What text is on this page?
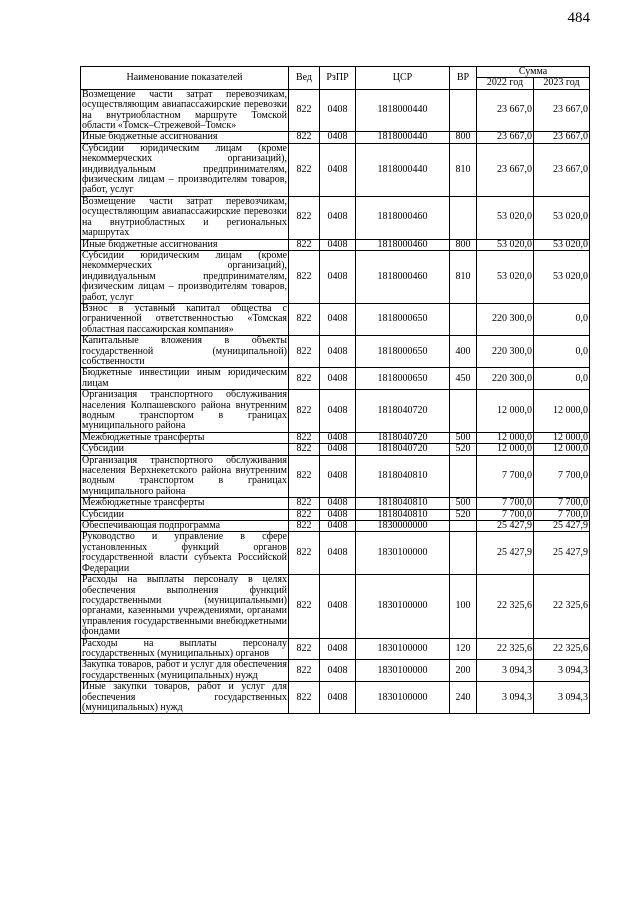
484
Наименование показателей	Вед	РзПР	ЦСР	ВР	Сумма	
					2022 год	2023 год
Возмещение части затрат перевозчикам, осуществляющим авиапассажирские перевозки на внутриобластном маршруте Томской области «Томск–Стрежевой–Томск»	822	0408	1818000440		23 667,0	23 667,0
Иные бюджетные ассигнования	822	0408	1818000440	800	23 667,0	23 667,0
Субсидии юридическим лицам (кроме некоммерческих организаций), индивидуальным предпринимателям, физическим лицам – производителям товаров, работ, услуг	822	0408	1818000440	810	23 667,0	23 667,0
Возмещение части затрат перевозчикам, осуществляющим авиапассажирские перевозки на внутриобластных и региональных маршрутах	822	0408	1818000460		53 020,0	53 020,0
Иные бюджетные ассигнования	822	0408	1818000460	800	53 020,0	53 020,0
Субсидии юридическим лицам (кроме некоммерческих организаций), индивидуальным предпринимателям, физическим лицам – производителям товаров, работ, услуг	822	0408	1818000460	810	53 020,0	53 020,0
Взнос в уставный капитал общества с ограниченной ответственностью «Томская областная пассажирская компания»	822	0408	1818000650		220 300,0	0,0
Капитальные вложения в объекты государственной (муниципальной) собственности	822	0408	1818000650	400	220 300,0	0,0
Бюджетные инвестиции иным юридическим лицам	822	0408	1818000650	450	220 300,0	0,0
Организация транспортного обслуживания населения Колпашевского района внутренним водным транспортом в границах муниципального района	822	0408	1818040720		12 000,0	12 000,0
Межбюджетные трансферты	822	0408	1818040720	500	12 000,0	12 000,0
Субсидии	822	0408	1818040720	520	12 000,0	12 000,0
Организация транспортного обслуживания населения Верхнекетского района внутренним водным транспортом в границах муниципального района	822	0408	1818040810		7 700,0	7 700,0
Межбюджетные трансферты	822	0408	1818040810	500	7 700,0	7 700,0
Субсидии	822	0408	1818040810	520	7 700,0	7 700,0
Обеспечивающая подпрограмма	822	0408	1830000000		25 427,9	25 427,9
Руководство и управление в сфере установленных функций органов государственной власти субъекта Российской Федерации	822	0408	1830100000		25 427,9	25 427,9
Расходы на выплаты персоналу в целях обеспечения выполнения функций государственными (муниципальными) органами, казенными учреждениями, органами управления государственными внебюджетными фондами	822	0408	1830100000	100	22 325,6	22 325,6
Расходы на выплаты персоналу государственных (муниципальных) органов	822	0408	1830100000	120	22 325,6	22 325,6
Закупка товаров, работ и услуг для обеспечения государственных (муниципальных) нужд	822	0408	1830100000	200	3 094,3	3 094,3
Иные закупки товаров, работ и услуг для обеспечения государственных (муниципальных) нужд	822	0408	1830100000	240	3 094,3	3 094,3
